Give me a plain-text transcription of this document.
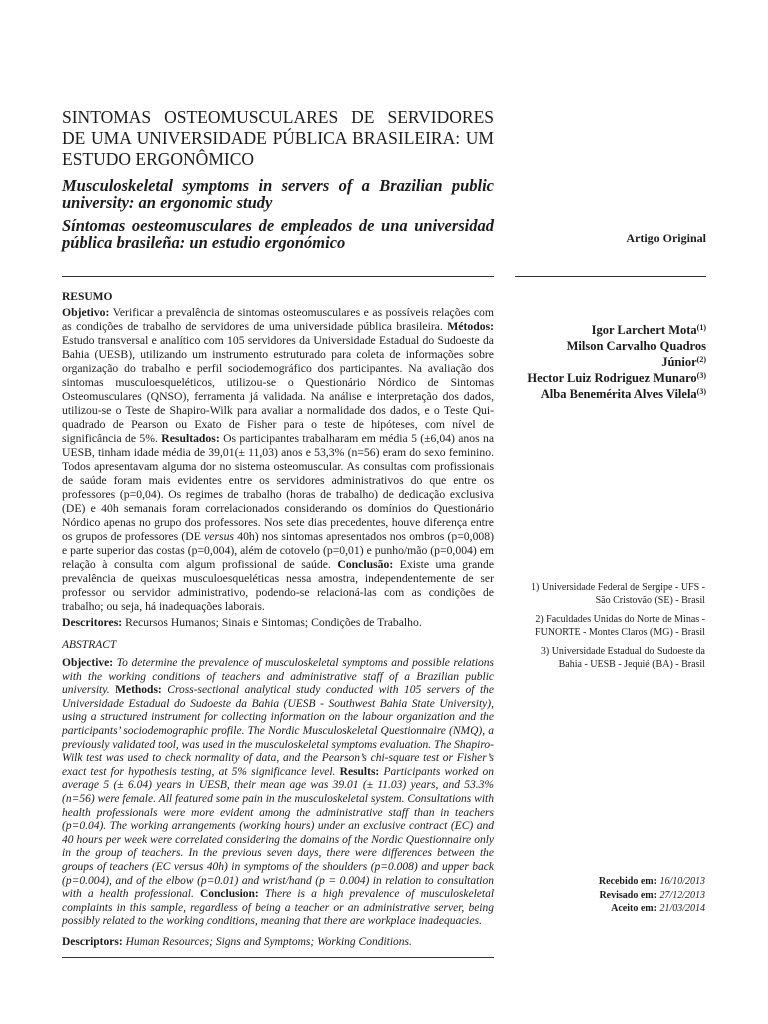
SINTOMAS OSTEOMUSCULARES DE SERVIDORES DE UMA UNIVERSIDADE PÚBLICA BRASILEIRA: UM ESTUDO ERGONÔMICO
Musculoskeletal symptoms in servers of a Brazilian public university: an ergonomic study
Síntomas oesteomusculares de empleados de una universidad pública brasileña: un estudio ergonómico
RESUMO

Objetivo: Verificar a prevalência de sintomas osteomusculares e as possíveis relações com as condições de trabalho de servidores de uma universidade pública brasileira. Métodos: Estudo transversal e analítico com 105 servidores da Universidade Estadual do Sudoeste da Bahia (UESB), utilizando um instrumento estruturado para coleta de informações sobre organização do trabalho e perfil sociodemográfico dos participantes. Na avaliação dos sintomas musculoesqueléticos, utilizou-se o Questionário Nórdico de Sintomas Osteomusculares (QNSO), ferramenta já validada. Na análise e interpretação dos dados, utilizou-se o Teste de Shapiro-Wilk para avaliar a normalidade dos dados, e o Teste Qui-quadrado de Pearson ou Exato de Fisher para o teste de hipóteses, com nível de significância de 5%. Resultados: Os participantes trabalharam em média 5 (±6,04) anos na UESB, tinham idade média de 39,01(± 11,03) anos e 53,3% (n=56) eram do sexo feminino. Todos apresentavam alguma dor no sistema osteomuscular. As consultas com profissionais de saúde foram mais evidentes entre os servidores administrativos do que entre os professores (p=0,04). Os regimes de trabalho (horas de trabalho) de dedicação exclusiva (DE) e 40h semanais foram correlacionados considerando os domínios do Questionário Nórdico apenas no grupo dos professores. Nos sete dias precedentes, houve diferença entre os grupos de professores (DE versus 40h) nos sintomas apresentados nos ombros (p=0,008) e parte superior das costas (p=0,004), além de cotovelo (p=0,01) e punho/mão (p=0,004) em relação à consulta com algum profissional de saúde. Conclusão: Existe uma grande prevalência de queixas musculoesqueléticas nessa amostra, independentemente de ser professor ou servidor administrativo, podendo-se relacioná-las com as condições de trabalho; ou seja, há inadequações laborais.

Descritores: Recursos Humanos; Sinais e Sintomas; Condições de Trabalho.

ABSTRACT

Objective: To determine the prevalence of musculoskeletal symptoms and possible relations with the working conditions of teachers and administrative staff of a Brazilian public university. Methods: Cross-sectional analytical study conducted with 105 servers of the Universidade Estadual do Sudoeste da Bahia (UESB - Southwest Bahia State University), using a structured instrument for collecting information on the labour organization and the participants’ sociodemographic profile. The Nordic Musculoskeletal Questionnaire (NMQ), a previously validated tool, was used in the musculoskeletal symptoms evaluation. The Shapiro-Wilk test was used to check normality of data, and the Pearson’s chi-square test or Fisher’s exact test for hypothesis testing, at 5% significance level. Results: Participants worked on average 5 (± 6.04) years in UESB, their mean age was 39.01 (± 11.03) years, and 53.3% (n=56) were female. All featured some pain in the musculoskeletal system. Consultations with health professionals were more evident among the administrative staff than in teachers (p=0.04). The working arrangements (working hours) under an exclusive contract (EC) and 40 hours per week were correlated considering the domains of the Nordic Questionnaire only in the group of teachers. In the previous seven days, there were differences between the groups of teachers (EC versus 40h) in symptoms of the shoulders (p=0.008) and upper back (p=0.004), and of the elbow (p=0.01) and wrist/hand (p = 0.004) in relation to consultation with a health professional. Conclusion: There is a high prevalence of musculoskeletal complaints in this sample, regardless of being a teacher or an administrative server, being possibly related to the working conditions, meaning that there are workplace inadequacies.

Descriptors: Human Resources; Signs and Symptoms; Working Conditions.

Artigo Original
Igor Larchert Mota$^{(1)}$
Milson Carvalho Quadros Júnior$^{(2)}$
Hector Luiz Rodriguez Munaro$^{(3)}$
Alba Benemérita Alves Vilela$^{(3)}$
1) Universidade Federal de Sergipe - UFS - São Cristovão (SE) - Brasil
2) Faculdades Unidas do Norte de Minas - FUNORTE - Montes Claros (MG) - Brasil
3) Universidade Estadual do Sudoeste da Bahia - UESB - Jequié (BA) - Brasil
Recebido em: 16/10/2013
Revisado em: 27/12/2013
Aceito em: 21/03/2014
